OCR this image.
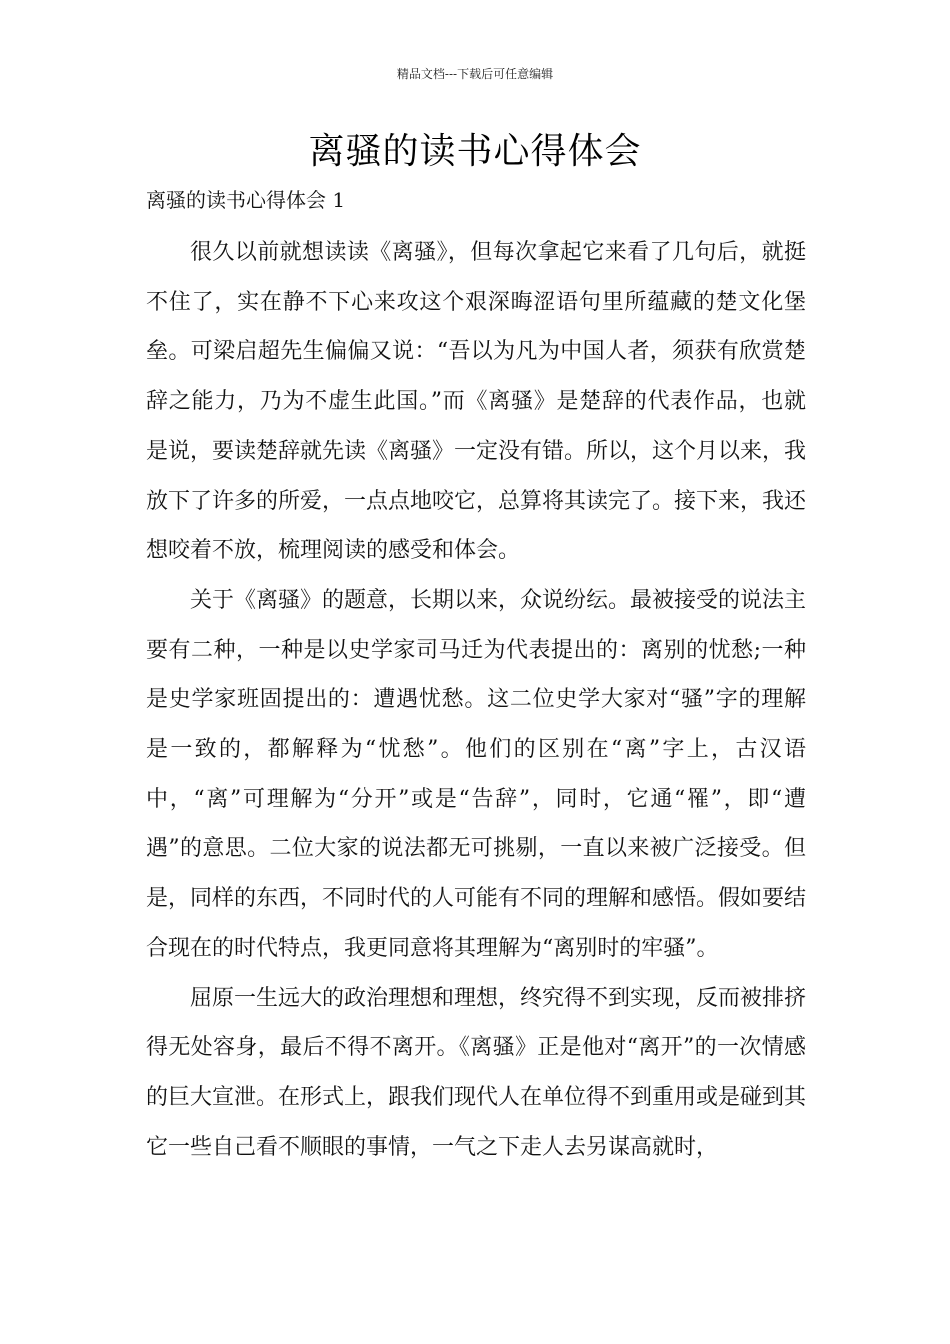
精品文档---下载后可任意编辑
离骚的读书心得体会
离骚的读书心得体会 1

很久以前就想读读《离骚》，但每次拿起它来看了几句后，就挺不住了，实在静不下心来攻这个艰深晦涩语句里所蕴藏的楚文化堡垒。可梁启超先生偏偏又说：“吾以为凡为中国人者，须获有欣赏楚辞之能力，乃为不虚生此国。”而《离骚》是楚辞的代表作品，也就是说，要读楚辞就先读《离骚》一定没有错。所以，这个月以来，我放下了许多的所爱，一点点地咬它，总算将其读完了。接下来，我还想咬着不放，梳理阅读的感受和体会。

关于《离骚》的题意，长期以来，众说纷纭。最被接受的说法主要有二种，一种是以史学家司马迁为代表提出的：离别的忧愁;一种是史学家班固提出的：遭遇忧愁。这二位史学大家对“骚”字的理解是一致的，都解释为“忧愁”。他们的区别在“离”字上，古汉语中，“离”可理解为“分开”或是“告辞”，同时，它通“罹”，即“遭遇”的意思。二位大家的说法都无可挑剔，一直以来被广泛接受。但是，同样的东西，不同时代的人可能有不同的理解和感悟。假如要结合现在的时代特点，我更同意将其理解为“离别时的牢骚”。

屈原一生远大的政治理想和理想，终究得不到实现，反而被排挤得无处容身，最后不得不离开。《离骚》正是他对“离开”的一次情感的巨大宣泄。在形式上，跟我们现代人在单位得不到重用或是碰到其它一些自己看不顺眼的事情，一气之下走人去另谋高就时，
